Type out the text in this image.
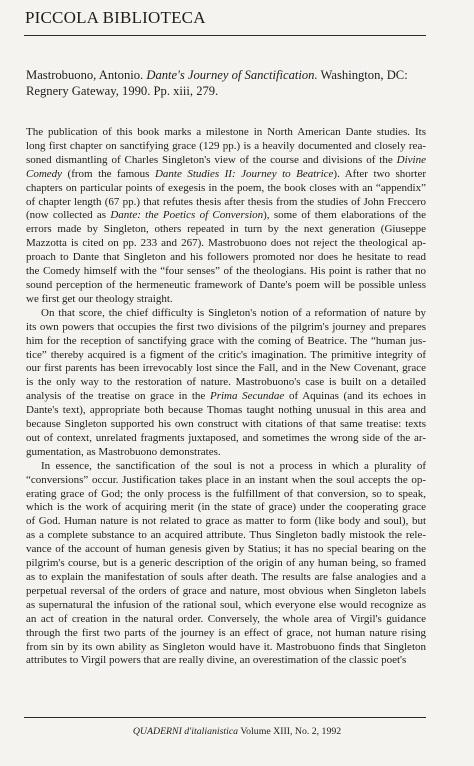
PICCOLA BIBLIOTECA

Mastrobuono, Antonio. Dante's Journey of Sanctification. Washington, DC:

Regnery Gateway, 1990. Pp. xiii, 279.

The publication of this book marks a milestone in North American Dante studies. Its
long first chapter on sanctifying grace (129 pp.) is a heavily documented and closely rea-
soned dismantling of Charles Singleton's view of the course and divisions of the Divine
Comedy (from the famous Dante Studies II: Journey to Beatrice). After two shorter
chapters on particular points of exegesis in the poem, the book closes with an “appendix”
of chapter length (67 pp.) that refutes thesis after thesis from the studies of John Freccero
(now collected as Dante: the Poetics of Conversion), some of them elaborations of the
errors made by Singleton, others repeated in turn by the next generation (Giuseppe
Mazzotta is cited on pp. 233 and 267). Mastrobuono does not reject the theological ap-
proach to Dante that Singleton and his followers promoted nor does he hesitate to read
the Comedy himself with the “four senses” of the theologians. His point is rather that no
sound perception of the hermeneutic framework of Dante's poem will be possible unless
we first get our theology straight.
On that score, the chief difficulty is Singleton's notion of a reformation of nature by
its own powers that occupies the first two divisions of the pilgrim's journey and prepares
him for the reception of sanctifying grace with the coming of Beatrice. The “human jus-
tice” thereby acquired is a figment of the critic's imagination. The primitive integrity of
our first parents has been irrevocably lost since the Fall, and in the New Covenant, grace
is the only way to the restoration of nature. Mastrobuono's case is built on a detailed
analysis of the treatise on grace in the Prima Secundae of Aquinas (and its echoes in
Dante's text), appropriate both because Thomas taught nothing unusual in this area and
because Singleton supported his own construct with citations of that same treatise: texts
out of context, unrelated fragments juxtaposed, and sometimes the wrong side of the ar-
gumentation, as Mastrobuono demonstrates.
In essence, the sanctification of the soul is not a process in which a plurality of
“conversions” occur. Justification takes place in an instant when the soul accepts the op-
erating grace of God; the only process is the fulfillment of that conversion, so to speak,
which is the work of acquiring merit (in the state of grace) under the cooperating grace
of God. Human nature is not related to grace as matter to form (like body and soul), but
as a complete substance to an acquired attribute. Thus Singleton badly mistook the rele-
vance of the account of human genesis given by Statius; it has no special bearing on the
pilgrim's course, but is a generic description of the origin of any human being, so framed
as to explain the manifestation of souls after death. The results are false analogies and a
perpetual reversal of the orders of grace and nature, most obvious when Singleton labels
as supernatural the infusion of the rational soul, which everyone else would recognize as
an act of creation in the natural order. Conversely, the whole area of Virgil's guidance
through the first two parts of the journey is an effect of grace, not human nature rising
from sin by its own ability as Singleton would have it. Mastrobuono finds that Singleton
attributes to Virgil powers that are really divine, an overestimation of the classic poet's
QUADERNI d'italianistica Volume XIII, No. 2, 1992
